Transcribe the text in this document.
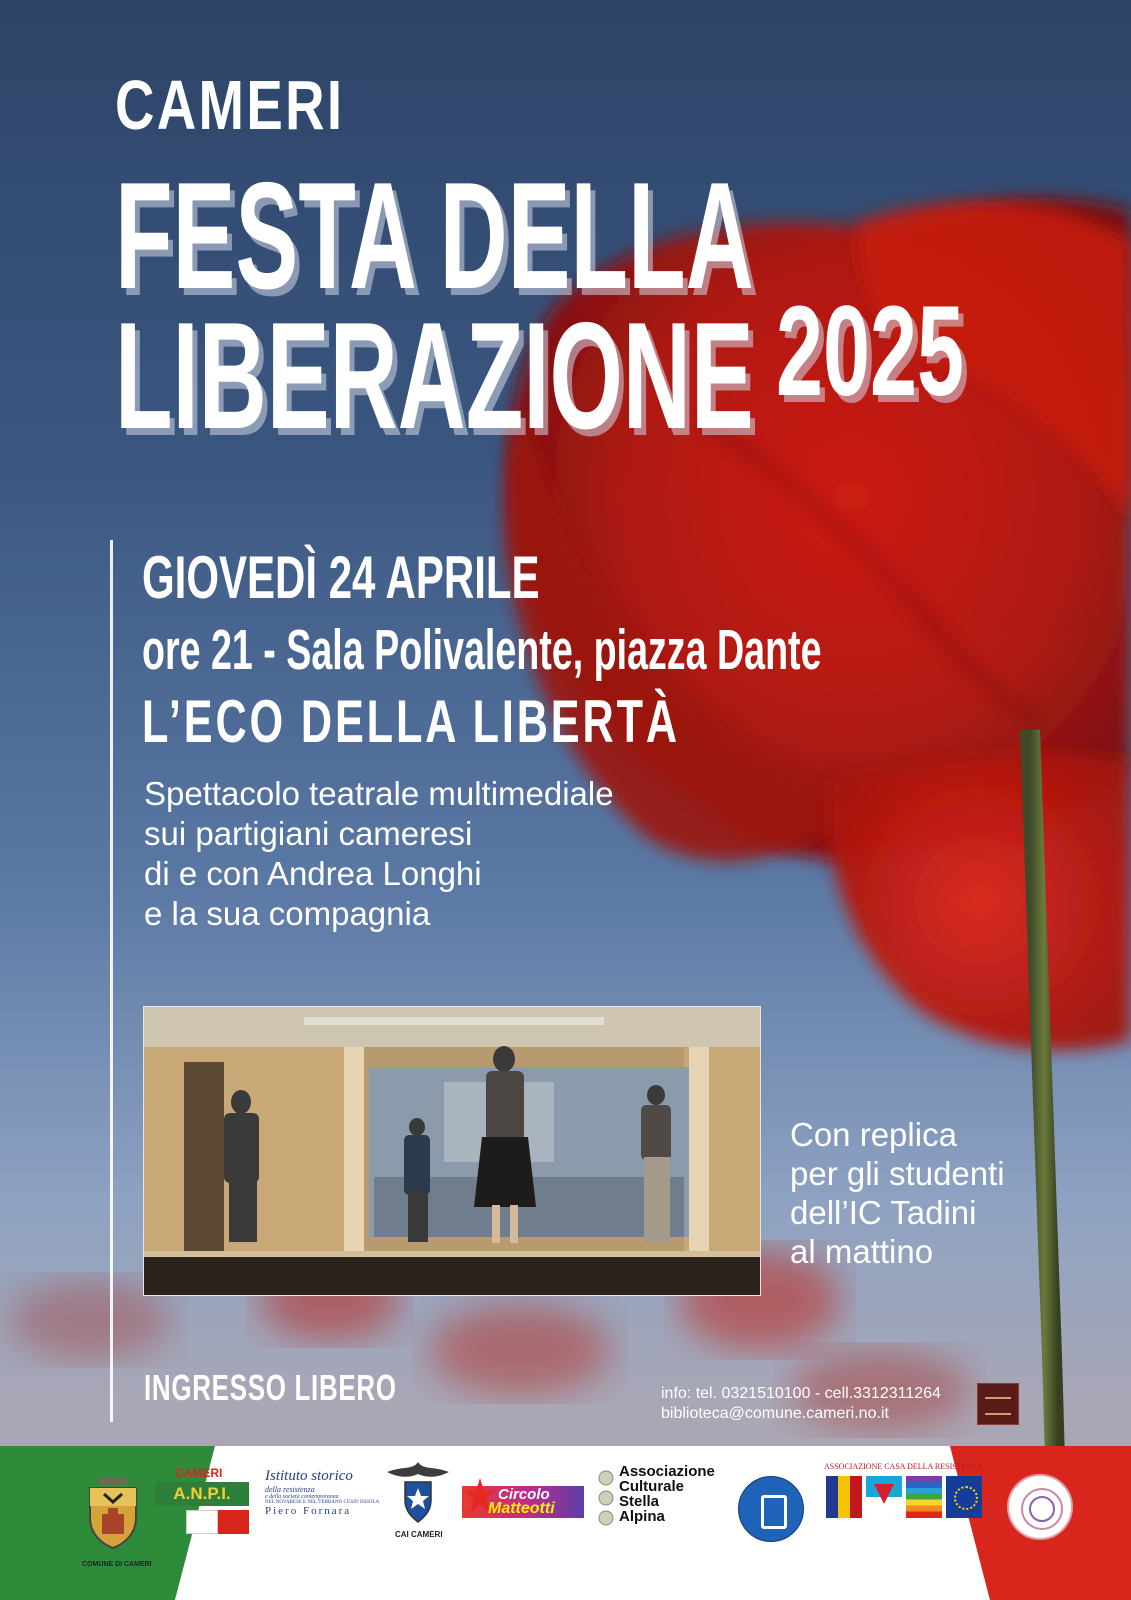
CAMERI
FESTA DELLA
LIBERAZIONE 2025
GIOVEDÌ 24 APRILE
ore 21 - Sala Polivalente, piazza Dante
L’ECO DELLA LIBERTÀ
Spettacolo teatrale multimediale
sui partigiani cameresi
di e con Andrea Longhi
e la sua compagnia
Con replica
per gli studenti
dell’IC Tadini
al mattino
INGRESSO LIBERO	info: tel. 0321510100 - cell.3312311264
biblioteca@comune.cameri.no.it
COMUNE DI CAMERI
CAMERI
A.N.P.I.
Istituto storico
della resistenza
e della società contemporanea
NEL NOVARESE E NEL VERBANO CUSIO OSSOLA
Piero Fornara
CAI CAMERI
Circolo
Matteotti
Associazione
Culturale
Stella
Alpina
ASSOCIAZIONE CASA DELLA RESISTENZA
